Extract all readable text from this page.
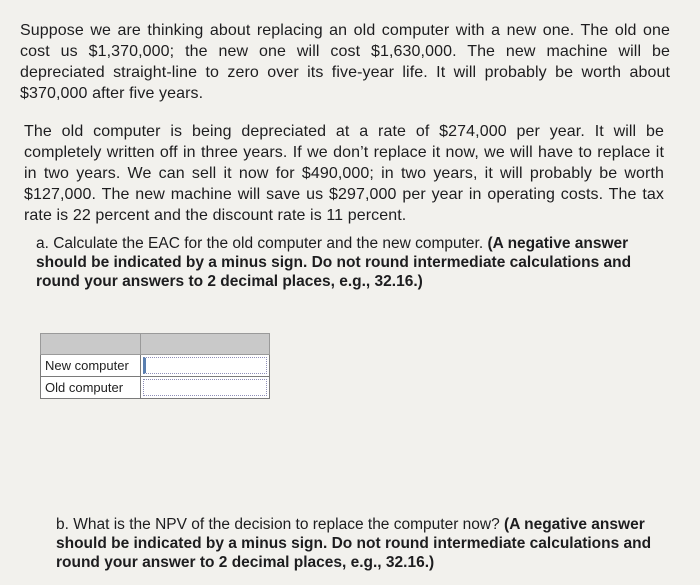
Suppose we are thinking about replacing an old computer with a new one. The old one cost us $1,370,000; the new one will cost $1,630,000. The new machine will be depreciated straight-line to zero over its five-year life. It will probably be worth about $370,000 after five years.
The old computer is being depreciated at a rate of $274,000 per year. It will be completely written off in three years. If we don’t replace it now, we will have to replace it in two years. We can sell it now for $490,000; in two years, it will probably be worth $127,000. The new machine will save us $297,000 per year in operating costs. The tax rate is 22 percent and the discount rate is 11 percent.
a. Calculate the EAC for the old computer and the new computer. (A negative answer should be indicated by a minus sign. Do not round intermediate calculations and round your answers to 2 decimal places, e.g., 32.16.)

New computer	

Old computer	
b. What is the NPV of the decision to replace the computer now? (A negative answer should be indicated by a minus sign. Do not round intermediate calculations and round your answer to 2 decimal places, e.g., 32.16.)
